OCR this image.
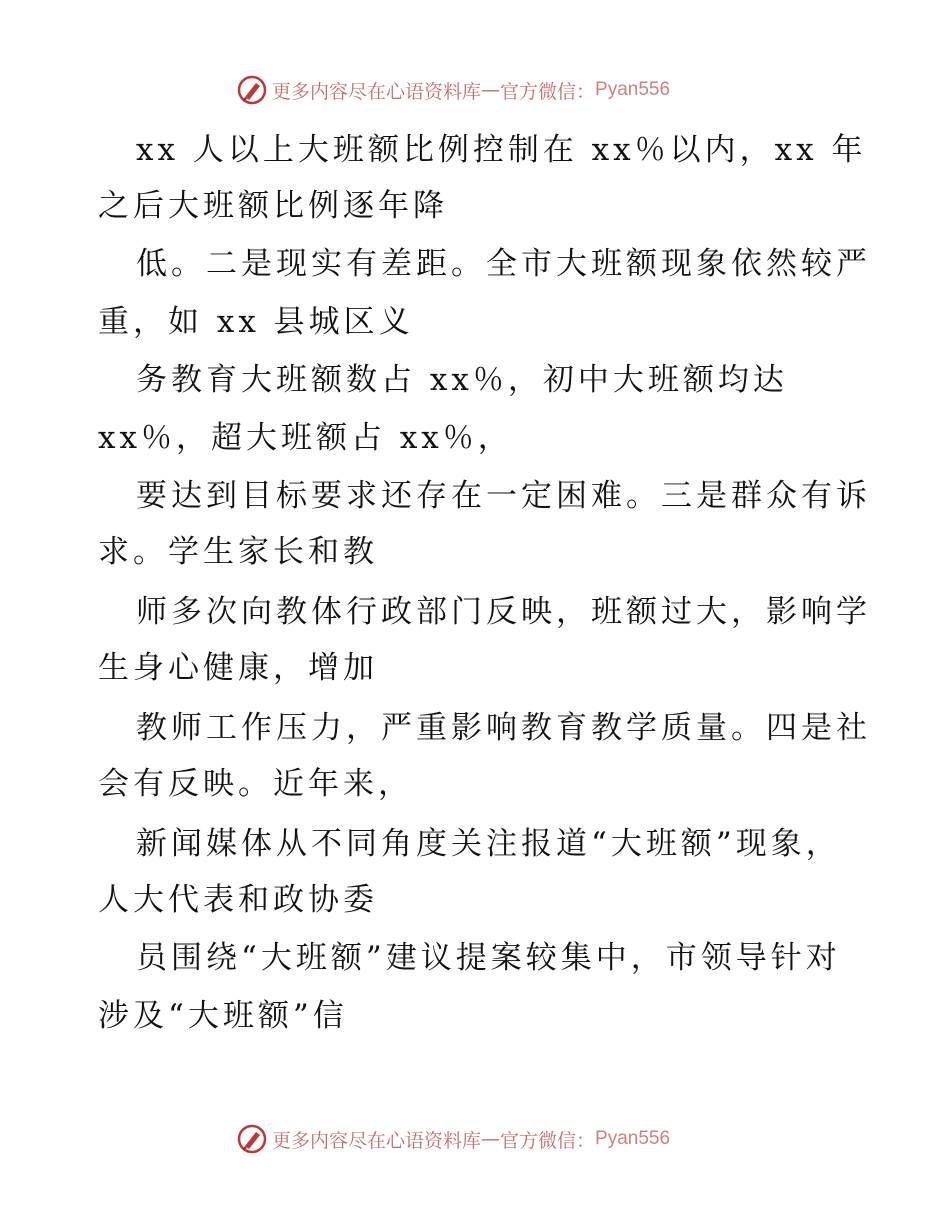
更多内容尽在心语资料库 — 官方微信： Pyan556
xx 人以上大班额比例控制在 xx％以内，xx 年
之后大班额比例逐年降
低。二是现实有差距。全市大班额现象依然较严
重，如 xx 县城区义
务教育大班额数占 xx％，初中大班额均达
xx％，超大班额占 xx％，
要达到目标要求还存在一定困难。三是群众有诉
求。学生家长和教
师多次向教体行政部门反映，班额过大，影响学
生身心健康，增加
教师工作压力，严重影响教育教学质量。四是社
会有反映。近年来，
新闻媒体从不同角度关注报道“大班额”现象，
人大代表和政协委
员围绕“大班额”建议提案较集中，市领导针对
涉及“大班额”信
更多内容尽在心语资料库 — 官方微信： Pyan556
